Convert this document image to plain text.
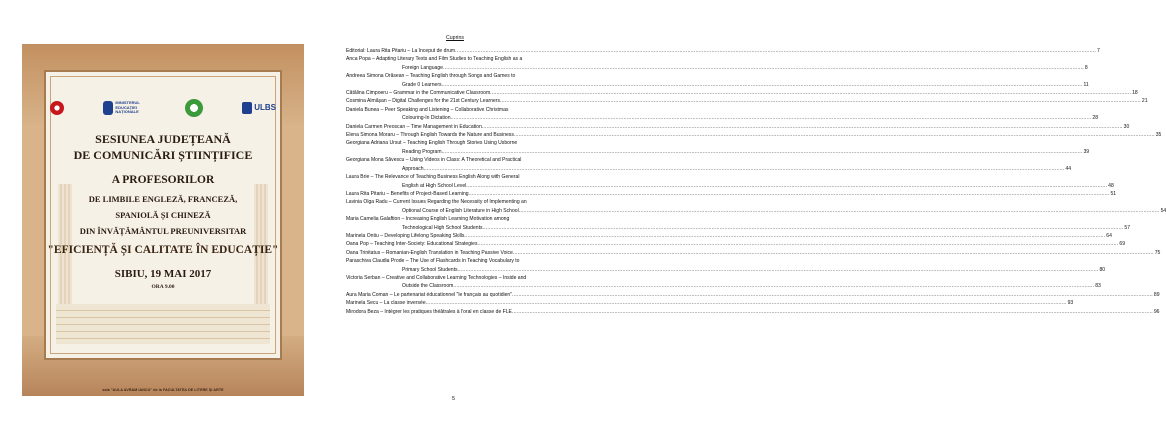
MINISTERUL EDUCAȚIEI NAȚIONALE	ULBS
SESIUNEA JUDEȚEANĂ
DE COMUNICĂRI ȘTIINȚIFICE
A PROFESORILOR
DE LIMBILE ENGLEZĂ, FRANCEZĂ,
SPANIOLĂ ȘI CHINEZĂ
DIN ÎNVĂȚĂMÂNTUL PREUNIVERSITAR
"EFICIENȚĂ ȘI CALITATE ÎN EDUCAȚIE"
SIBIU, 19 MAI 2017
ORA 9.00
sala "AULA AVRAM IANCU" de la FACULTATEA DE LITERE ȘI ARTE
Cuprins
Editorial: Laura Rita Pitariu – La început de drum ................................................................................................................................................................................................................................................................................................................................................................................................................ 7
Anca Popa – Adapting Literary Texts and Film Studies to Teaching English as a
Foreign Language ................................................................................................................................................................................................................................................................................................................................................................................................................ 8
Andreea Simona Orăsean – Teaching English through Songs and Games to
Grade 0 Learners ................................................................................................................................................................................................................................................................................................................................................................................................................ 11
Cătălina Cimpoeru – Grammar in the Communicative Classroom ................................................................................................................................................................................................................................................................................................................................................................................................................ 18
Cosmina Almășan – Digital Challenges for the 21st Century Learners ................................................................................................................................................................................................................................................................................................................................................................................................................ 21
Daniela Bunea – Peer Speaking and Listening – Collaborative Christmas
Colouring-In Dictation ................................................................................................................................................................................................................................................................................................................................................................................................................ 28
Daniela Carmen Preoscan – Time Management in Education ................................................................................................................................................................................................................................................................................................................................................................................................................ 30
Elena Simona Moraru – Through English Towards the Nature and Business ................................................................................................................................................................................................................................................................................................................................................................................................................ 35
Georgiana Adriana Ursut – Teaching English Through Stories Using Usborne
Reading Program ................................................................................................................................................................................................................................................................................................................................................................................................................ 39
Georgiana Mona Săvescu – Using Videos in Class: A Theoretical and Practical
Approach ................................................................................................................................................................................................................................................................................................................................................................................................................ 44
Laura Brie – The Relevance of Teaching Business English Along with General
English at High School Level ................................................................................................................................................................................................................................................................................................................................................................................................................ 48
Laura Rita Pitariu – Benefits of Project-Based Learning ................................................................................................................................................................................................................................................................................................................................................................................................................ 51
Lavinia Olga Radu – Current Issues Regarding the Necessity of Implementing an
Optional Course of English Literature in High School ................................................................................................................................................................................................................................................................................................................................................................................................................ 54
Maria Camelia Galaftion – Increasing English Learning Motivation among
Technological High School Students ................................................................................................................................................................................................................................................................................................................................................................................................................ 57
Marinela Ontiu – Developing Lifelong Speaking Skills ................................................................................................................................................................................................................................................................................................................................................................................................................ 64
Oana Pop – Teaching Inter-Society: Educational Strategies ................................................................................................................................................................................................................................................................................................................................................................................................................ 69
Oana Trinitatus – Romanian-English Translation in Teaching Passive Voice ................................................................................................................................................................................................................................................................................................................................................................................................................ 75
Paraschiva Claudia Prode – The Use of Flashcards in Teaching Vocabulary to
Primary School Students ................................................................................................................................................................................................................................................................................................................................................................................................................ 80
Victoria Serban – Creative and Collaborative Learning Technologies – Inside and
Outside the Classroom ................................................................................................................................................................................................................................................................................................................................................................................................................ 83
Aura Maria Coman – Le partenariat éducationnel "le français au quotidien" ................................................................................................................................................................................................................................................................................................................................................................................................................ 89
Marinela Secu – La classe inversée ................................................................................................................................................................................................................................................................................................................................................................................................................ 93
Mirodora Beza – Intégrer les pratiques théâtrales à l'oral en classe de FLE ................................................................................................................................................................................................................................................................................................................................................................................................................ 96
5
